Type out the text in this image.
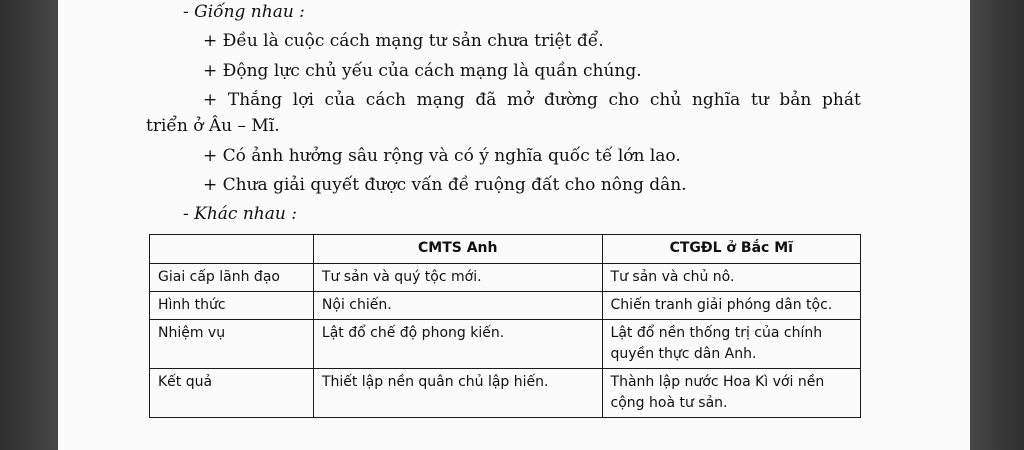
- Giống nhau :
+ Đều là cuộc cách mạng tư sản chưa triệt để.
+ Động lực chủ yếu của cách mạng là quần chúng.
+ Thắng lợi của cách mạng đã mở đường cho chủ nghĩa tư bản phát
triển ở Âu – Mĩ.
+ Có ảnh hưởng sâu rộng và có ý nghĩa quốc tế lớn lao.
+ Chưa giải quyết được vấn đề ruộng đất cho nông dân.
- Khác nhau :
	CMTS Anh	CTGĐL ở Bắc Mĩ
Giai cấp lãnh đạo	Tư sản và quý tộc mới.	Tư sản và chủ nô.
Hình thức	Nội chiến.	Chiến tranh giải phóng dân tộc.
Nhiệm vụ	Lật đổ chế độ phong kiến.	Lật đổ nền thống trị của chính quyền thực dân Anh.
Kết quả	Thiết lập nền quân chủ lập hiến.	Thành lập nước Hoa Kì với nền cộng hoà tư sản.
